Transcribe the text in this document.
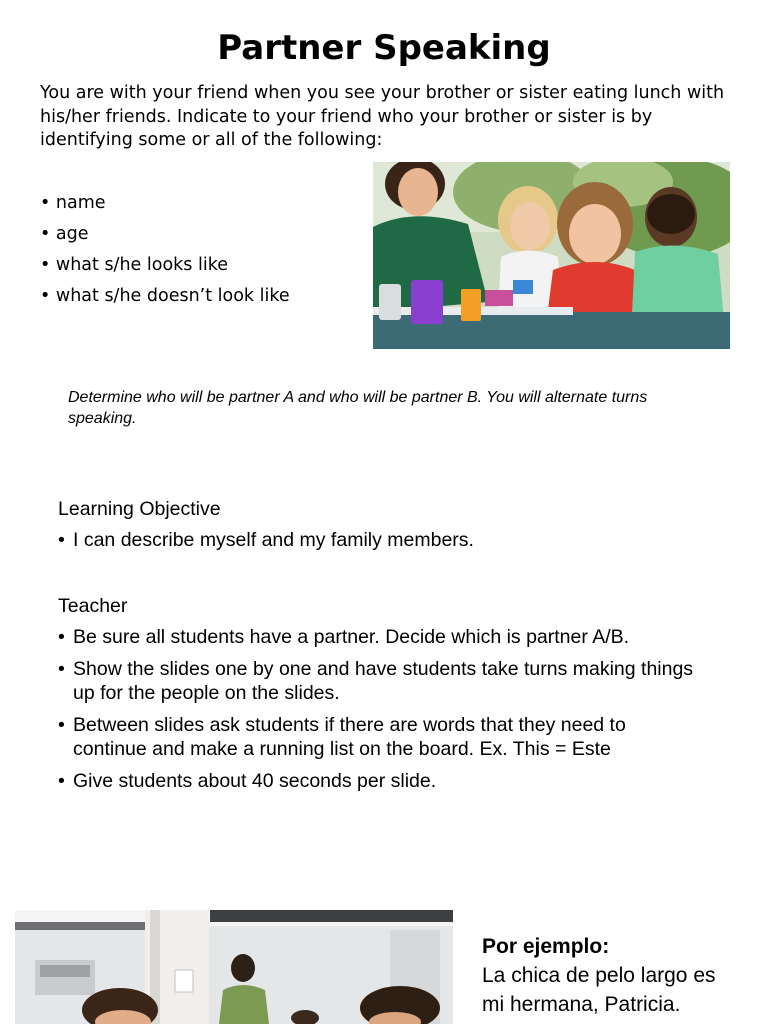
Partner Speaking
You are with your friend when you see your brother or sister eating lunch with his/her friends. Indicate to your friend who your brother or sister is by identifying some or all of the following:
• name
• age
• what s/he looks like
• what s/he doesn’t look like
Determine who will be partner A and who will be partner B. You will alternate turns speaking.
Learning Objective
• I can describe myself and my family members.
Teacher
• Be sure all students have a partner. Decide which is partner A/B.
• Show the slides one by one and have students take turns making things up for the people on the slides.
• Between slides ask students if there are words that they need to continue and make a running list on the board. Ex. This = Este
• Give students about 40 seconds per slide.
Por ejemplo:
La chica de pelo largo es
mi hermana, Patricia.
